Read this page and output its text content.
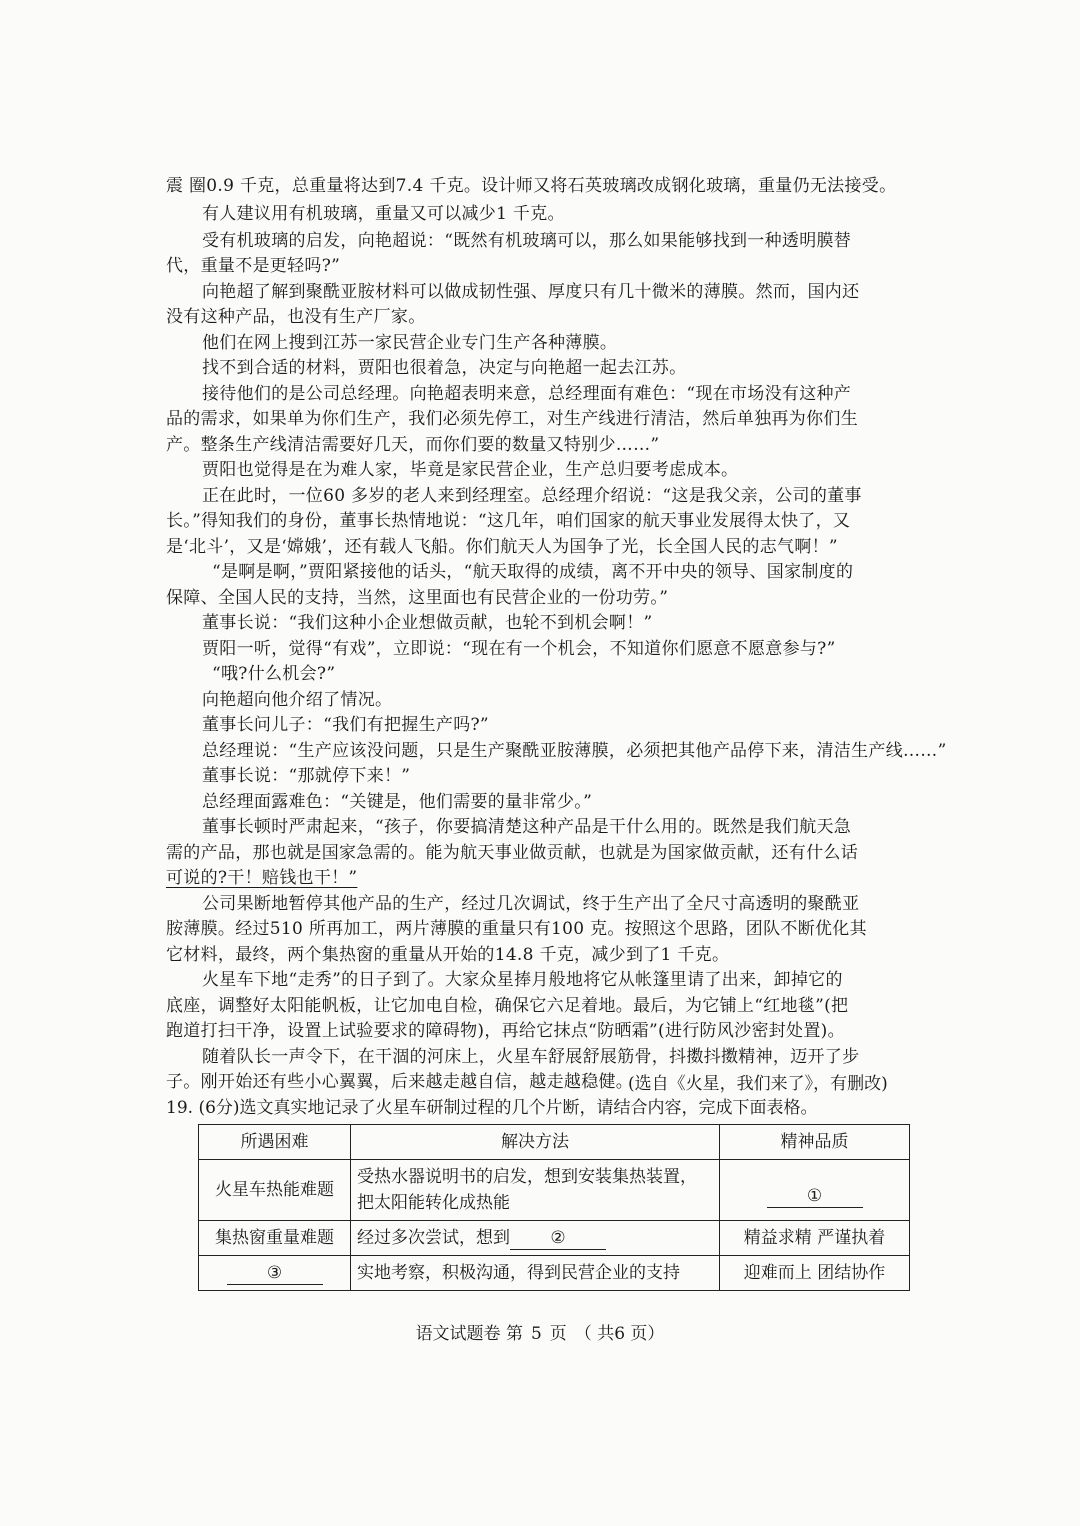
震 圈0.9 千克，总重量将达到7.4 千克。设计师又将石英玻璃改成钢化玻璃，重量仍无法接受。
有人建议用有机玻璃，重量又可以减少1 千克。
受有机玻璃的启发，向艳超说：“既然有机玻璃可以，那么如果能够找到一种透明膜替
代，重量不是更轻吗?”
向艳超了解到聚酰亚胺材料可以做成韧性强、厚度只有几十微米的薄膜。然而，国内还
没有这种产品，也没有生产厂家。
他们在网上搜到江苏一家民营企业专门生产各种薄膜。
找不到合适的材料，贾阳也很着急，决定与向艳超一起去江苏。
接待他们的是公司总经理。向艳超表明来意，总经理面有难色：“现在市场没有这种产
品的需求，如果单为你们生产，我们必须先停工，对生产线进行清洁，然后单独再为你们生
产。整条生产线清洁需要好几天，而你们要的数量又特别少……”
贾阳也觉得是在为难人家，毕竟是家民营企业，生产总归要考虑成本。
正在此时，一位60 多岁的老人来到经理室。总经理介绍说：“这是我父亲，公司的董事
长。”得知我们的身份，董事长热情地说：“这几年，咱们国家的航天事业发展得太快了，又
是‘北斗’，又是‘嫦娥’，还有载人飞船。你们航天人为国争了光，长全国人民的志气啊！”
“是啊是啊，”贾阳紧接他的话头，“航天取得的成绩，离不开中央的领导、国家制度的
保障、全国人民的支持，当然，这里面也有民营企业的一份功劳。”
董事长说：“我们这种小企业想做贡献，也轮不到机会啊！”
贾阳一听，觉得“有戏”，立即说：“现在有一个机会，不知道你们愿意不愿意参与?”
“哦?什么机会?”
向艳超向他介绍了情况。
董事长问儿子：“我们有把握生产吗?”
总经理说：“生产应该没问题，只是生产聚酰亚胺薄膜，必须把其他产品停下来，清洁生产线……”
董事长说：“那就停下来！”
总经理面露难色：“关键是，他们需要的量非常少。”
董事长顿时严肃起来，“孩子，你要搞清楚这种产品是干什么用的。既然是我们航天急
需的产品，那也就是国家急需的。能为航天事业做贡献，也就是为国家做贡献，还有什么话
可说的?干！赔钱也干！”
公司果断地暂停其他产品的生产，经过几次调试，终于生产出了全尺寸高透明的聚酰亚
胺薄膜。经过510 所再加工，两片薄膜的重量只有100 克。按照这个思路，团队不断优化其
它材料，最终，两个集热窗的重量从开始的14.8 千克，减少到了1 千克。
火星车下地“走秀”的日子到了。大家众星捧月般地将它从帐篷里请了出来，卸掉它的
底座，调整好太阳能帆板，让它加电自检，确保它六足着地。最后，为它铺上“红地毯”(把
跑道打扫干净，设置上试验要求的障碍物)，再给它抹点“防晒霜”(进行防风沙密封处置)。
随着队长一声令下，在干涸的河床上，火星车舒展舒展筋骨，抖擞抖擞精神，迈开了步
子。刚开始还有些小心翼翼，后来越走越自信，越走越稳健。
(选自《火星，我们来了》，有删改)
19. (6分)选文真实地记录了火星车研制过程的几个片断，请结合内容，完成下面表格。
所遇困难	解决方法	精神品质
火星车热能难题	受热水器说明书的启发，想到安装集热装置，把太阳能转化成热能	①
集热窗重量难题	经过多次尝试，想到 ②	精益求精 严谨执着
③	实地考察，积极沟通，得到民营企业的支持	迎难而上 团结协作
语文试题卷 第 5 页 （ 共6 页）
